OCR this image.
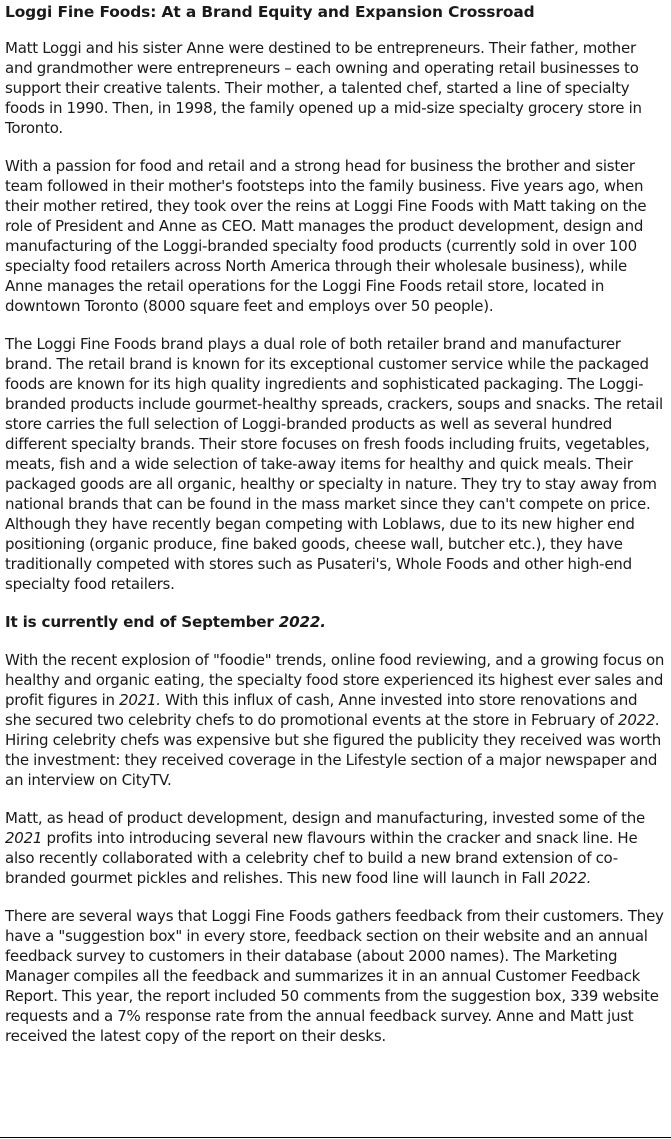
Loggi Fine Foods: At a Brand Equity and Expansion Crossroad

Matt Loggi and his sister Anne were destined to be entrepreneurs. Their father, mother and grandmother were entrepreneurs – each owning and operating retail businesses to support their creative talents. Their mother, a talented chef, started a line of specialty foods in 1990. Then, in 1998, the family opened up a mid-size specialty grocery store in Toronto.

With a passion for food and retail and a strong head for business the brother and sister team followed in their mother's footsteps into the family business. Five years ago, when their mother retired, they took over the reins at Loggi Fine Foods with Matt taking on the role of President and Anne as CEO. Matt manages the product development, design and manufacturing of the Loggi-branded specialty food products (currently sold in over 100 specialty food retailers across North America through their wholesale business), while Anne manages the retail operations for the Loggi Fine Foods retail store, located in downtown Toronto (8000 square feet and employs over 50 people).

The Loggi Fine Foods brand plays a dual role of both retailer brand and manufacturer brand. The retail brand is known for its exceptional customer service while the packaged foods are known for its high quality ingredients and sophisticated packaging. The Loggi-branded products include gourmet-healthy spreads, crackers, soups and snacks. The retail store carries the full selection of Loggi-branded products as well as several hundred different specialty brands. Their store focuses on fresh foods including fruits, vegetables, meats, fish and a wide selection of take-away items for healthy and quick meals. Their packaged goods are all organic, healthy or specialty in nature. They try to stay away from national brands that can be found in the mass market since they can't compete on price. Although they have recently began competing with Loblaws, due to its new higher end positioning (organic produce, fine baked goods, cheese wall, butcher etc.), they have traditionally competed with stores such as Pusateri's, Whole Foods and other high-end specialty food retailers.

It is currently end of September 2022.

With the recent explosion of "foodie" trends, online food reviewing, and a growing focus on healthy and organic eating, the specialty food store experienced its highest ever sales and profit figures in 2021. With this influx of cash, Anne invested into store renovations and she secured two celebrity chefs to do promotional events at the store in February of 2022. Hiring celebrity chefs was expensive but she figured the publicity they received was worth the investment: they received coverage in the Lifestyle section of a major newspaper and an interview on CityTV.

Matt, as head of product development, design and manufacturing, invested some of the 2021 profits into introducing several new flavours within the cracker and snack line. He also recently collaborated with a celebrity chef to build a new brand extension of co-branded gourmet pickles and relishes. This new food line will launch in Fall 2022.

There are several ways that Loggi Fine Foods gathers feedback from their customers. They have a "suggestion box" in every store, feedback section on their website and an annual feedback survey to customers in their database (about 2000 names). The Marketing Manager compiles all the feedback and summarizes it in an annual Customer Feedback Report. This year, the report included 50 comments from the suggestion box, 339 website requests and a 7% response rate from the annual feedback survey. Anne and Matt just received the latest copy of the report on their desks.
